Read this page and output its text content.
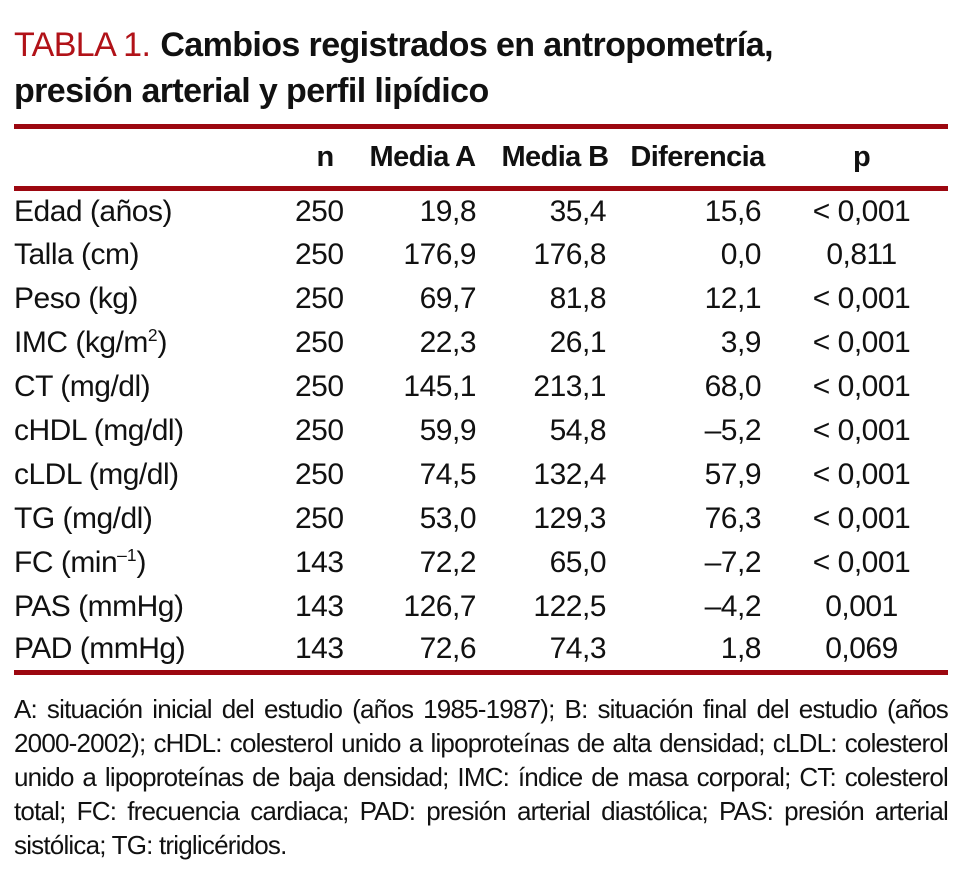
TABLA 1. Cambios registrados en antropometría,
presión arterial y perfil lipídico
	n	Media A	Media B	Diferencia	p
Edad (años)	250	19,8	35,4	15,6	< 0,001
Talla (cm)	250	176,9	176,8	0,0	0,811
Peso (kg)	250	69,7	81,8	12,1	< 0,001
IMC $(kg/m^2)$	250	22,3	26,1	3,9	< 0,001
CT (mg/dl)	250	145,1	213,1	68,0	< 0,001
cHDL (mg/dl)	250	59,9	54,8	–5,2	< 0,001
cLDL (mg/dl)	250	74,5	132,4	57,9	< 0,001
TG (mg/dl)	250	53,0	129,3	76,3	< 0,001
FC $(\min^{-1})$	143	72,2	65,0	–7,2	< 0,001
PAS (mmHg)	143	126,7	122,5	–4,2	0,001
PAD (mmHg)	143	72,6	74,3	1,8	0,069

A: situación inicial del estudio (años 1985-1987); B: situación final del estudio (años 2000-2002); cHDL: colesterol unido a lipoproteínas de alta densidad; cLDL: colesterol unido a lipoproteínas de baja densidad; IMC: índice de masa corporal; CT: colesterol total; FC: frecuencia cardiaca; PAD: presión arterial diastólica; PAS: presión arterial sistólica; TG: triglicéridos.
